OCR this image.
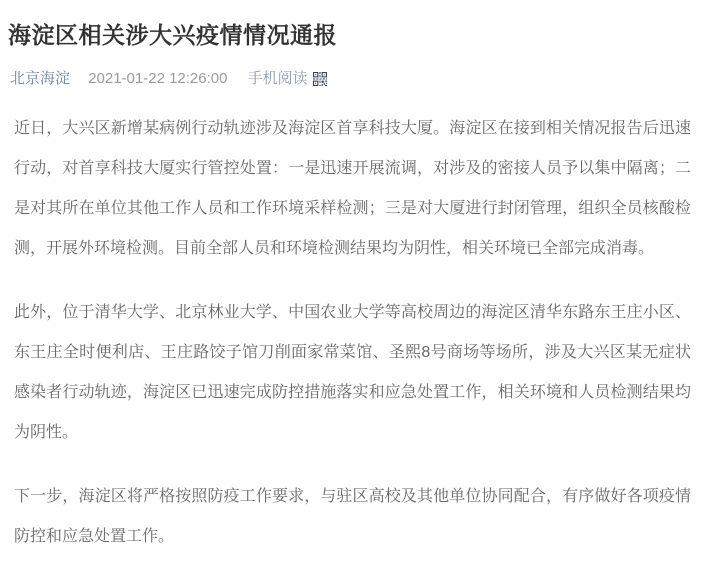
海淀区相关涉大兴疫情情况通报
北京海淀 2021-01-22 12:26:00 手机阅读

近日，大兴区新增某病例行动轨迹涉及海淀区首享科技大厦。海淀区在接到相关情况报告后迅速行动，对首享科技大厦实行管控处置：一是迅速开展流调，对涉及的密接人员予以集中隔离；二是对其所在单位其他工作人员和工作环境采样检测；三是对大厦进行封闭管理，组织全员核酸检测，开展外环境检测。目前全部人员和环境检测结果均为阴性，相关环境已全部完成消毒。

此外，位于清华大学、北京林业大学、中国农业大学等高校周边的海淀区清华东路东王庄小区、东王庄全时便利店、王庄路饺子馆刀削面家常菜馆、圣熙8号商场等场所，涉及大兴区某无症状感染者行动轨迹，海淀区已迅速完成防控措施落实和应急处置工作，相关环境和人员检测结果均为阴性。

下一步，海淀区将严格按照防疫工作要求，与驻区高校及其他单位协同配合，有序做好各项疫情防控和应急处置工作。
